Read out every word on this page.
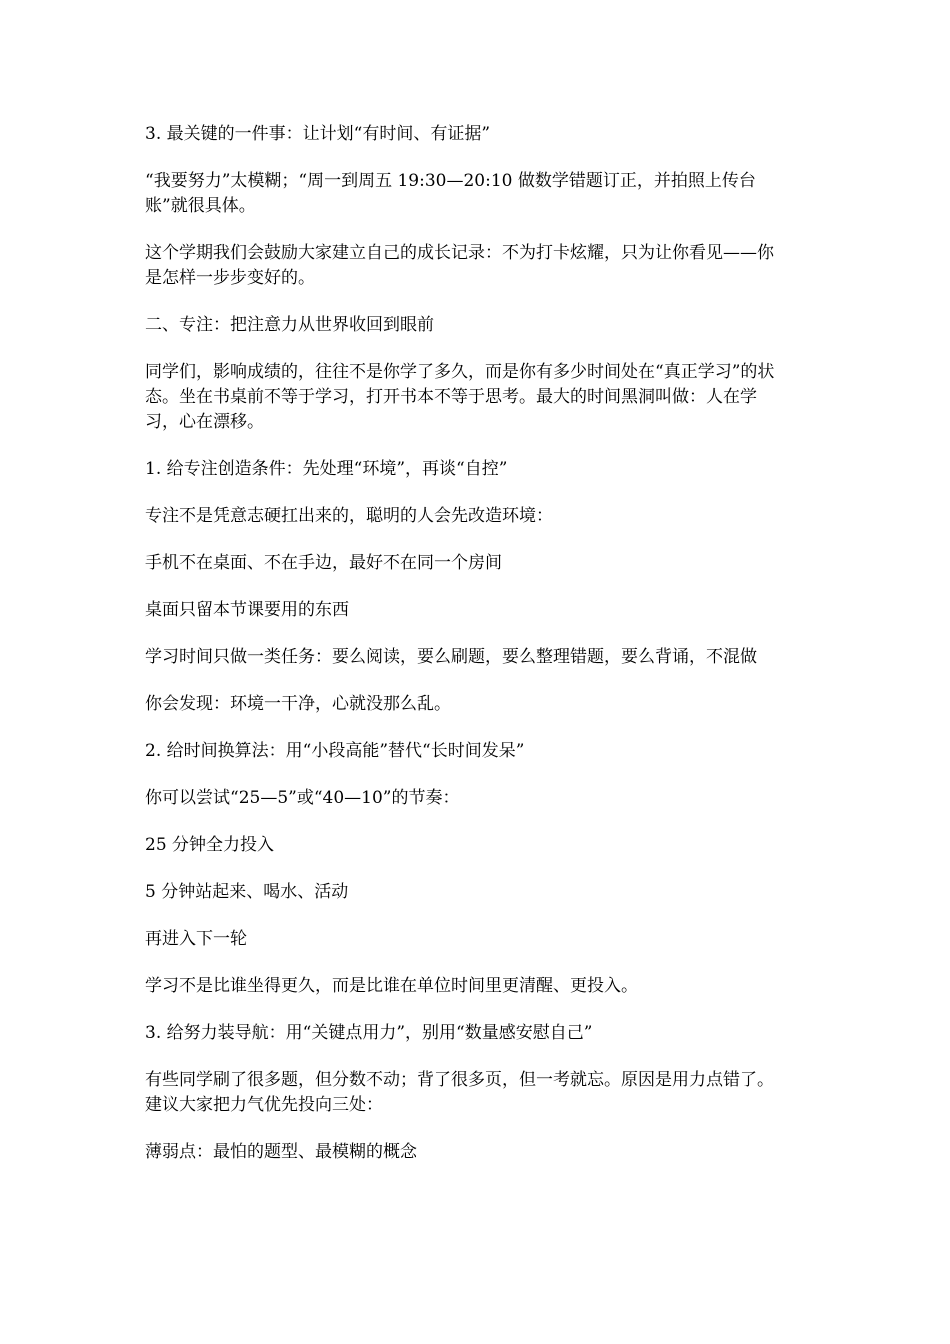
3. 最关键的一件事：让计划“有时间、有证据”

“我要努力”太模糊；“周一到周五 19:30—20:10 做数学错题订正，并拍照上传台账”就很具体。

这个学期我们会鼓励大家建立自己的成长记录：不为打卡炫耀，只为让你看见——你是怎样一步步变好的。

二、专注：把注意力从世界收回到眼前

同学们，影响成绩的，往往不是你学了多久，而是你有多少时间处在“真正学习”的状态。坐在书桌前不等于学习，打开书本不等于思考。最大的时间黑洞叫做：人在学习，心在漂移。

1. 给专注创造条件：先处理“环境”，再谈“自控”

专注不是凭意志硬扛出来的，聪明的人会先改造环境：

手机不在桌面、不在手边，最好不在同一个房间

桌面只留本节课要用的东西

学习时间只做一类任务：要么阅读，要么刷题，要么整理错题，要么背诵，不混做

你会发现：环境一干净，心就没那么乱。

2. 给时间换算法：用“小段高能”替代“长时间发呆”

你可以尝试“25—5”或“40—10”的节奏：

25 分钟全力投入

5 分钟站起来、喝水、活动

再进入下一轮

学习不是比谁坐得更久，而是比谁在单位时间里更清醒、更投入。

3. 给努力装导航：用“关键点用力”，别用“数量感安慰自己”

有些同学刷了很多题，但分数不动；背了很多页，但一考就忘。原因是用力点错了。建议大家把力气优先投向三处：

薄弱点：最怕的题型、最模糊的概念
